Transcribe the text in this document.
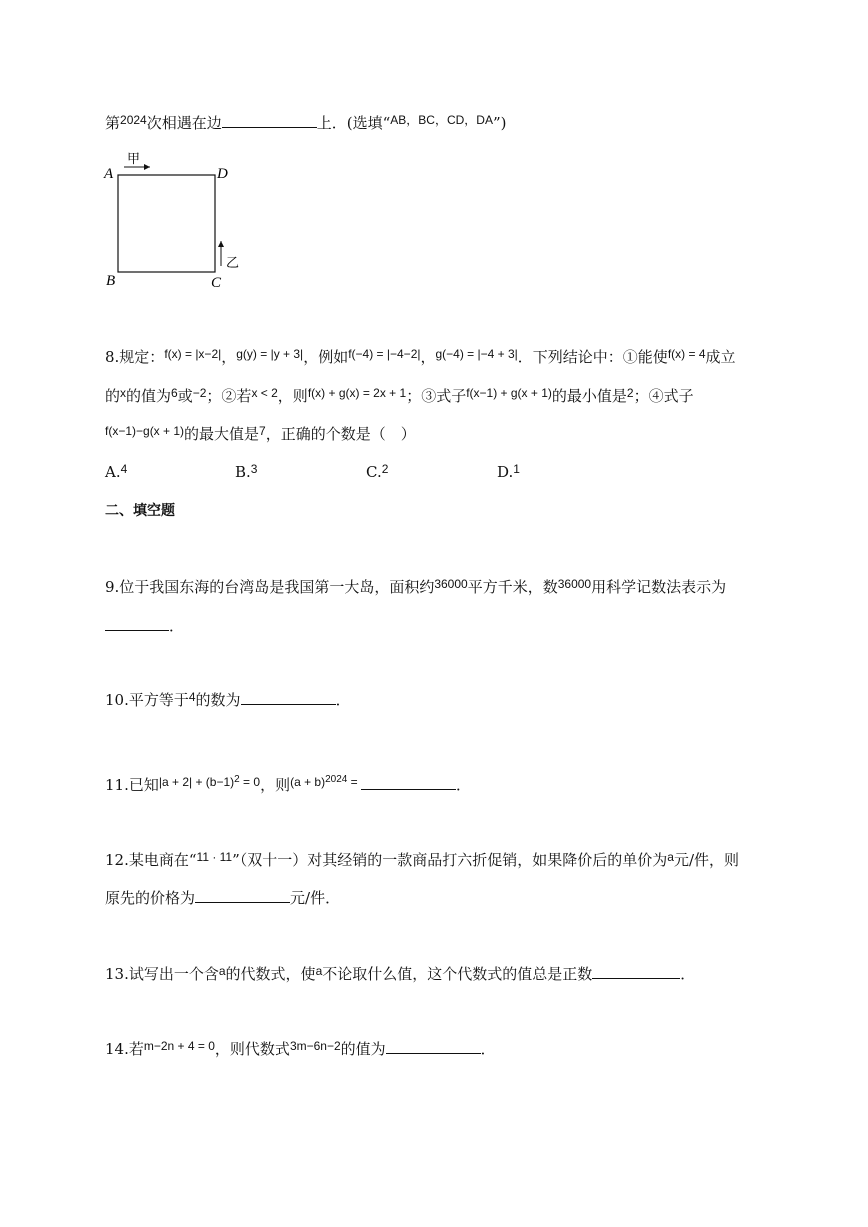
第$^{2024}$次相遇在边	上．(选填“$^{AB,BC,CD,DA}$”)
A	D
B	C
甲
乙
8.规定：$^{f(x) = |x-2|}$，$^{g(y) = |y + 3|}$，例如$^{f(-4) = |-4-2|}$，$^{g(-4) = |-4 + 3|}$．下列结论中：①能使$^{f(x) = 4}$成立
的$^x$的值为$^6$或$^{-2}$；②若$^{x < 2}$，则$^{f(x) + g(x) = 2x + 1}$；③式子$^{f(x-1) + g(x + 1)}$的最小值是$^2$；④式子
$^{f(x-1)-g(x + 1)}$的最大值是$^7$，正确的个数是（　）
A.$^4$	B.$^3$	C.$^2$	D.$^1$
二、填空题
9.位于我国东海的台湾岛是我国第一大岛，面积约$^{36000}$平方千米，数$^{36000}$用科学记数法表示为
．
10.平方等于$^4$的数为	．
11.已知$^{|a + 2| + (b-1)2}$ $^{= 0}$，则$^{(a + b)2024}$ =	．
12.某电商在“$^{11 \cdot 11}$”（双十一）对其经销的一款商品打六折促销，如果降价后的单价为$^a$元/件，则
原先的价格为	元/件．
13.试写出一个含$^a$的代数式，使$^a$不论取什么值，这个代数式的值总是正数	．
14.若$^{m-2n + 4 = 0}$，则代数式$^{3m-6n-2}$的值为	．
